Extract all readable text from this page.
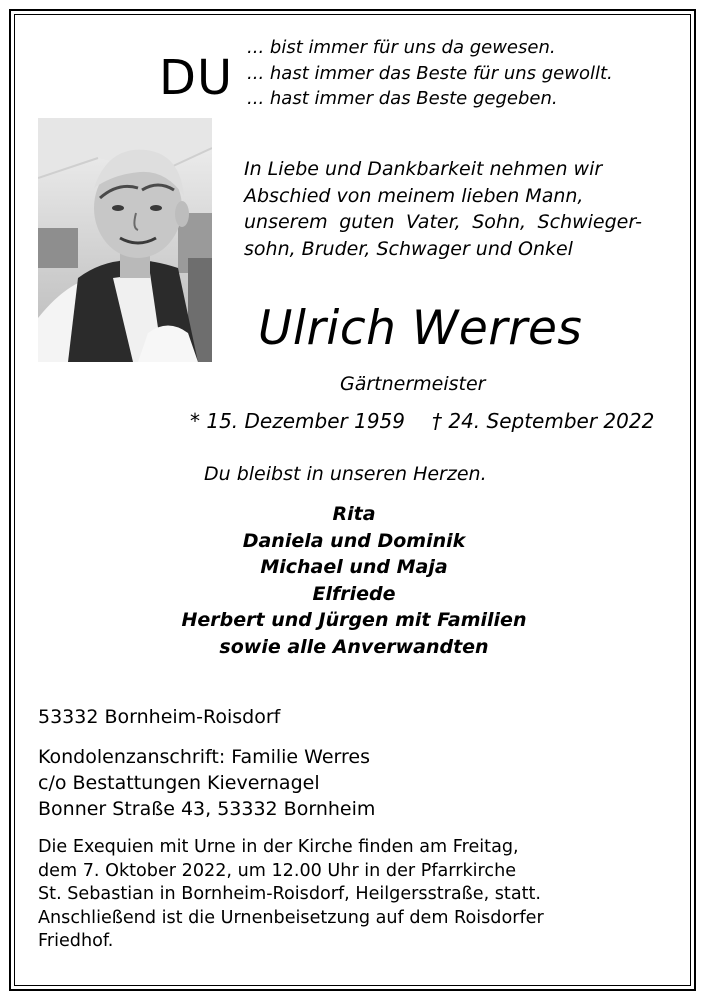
DU
... bist immer für uns da gewesen.
... hast immer das Beste für uns gewollt.
... hast immer das Beste gegeben.
In Liebe und Dankbarkeit nehmen wir
Abschied von meinem lieben Mann,
unserem guten Vater, Sohn, Schwieger-
sohn, Bruder, Schwager und Onkel
Ulrich Werres
Gärtnermeister
* 15. Dezember 1959 † 24. September 2022
Du bleibst in unseren Herzen.
Rita
Daniela und Dominik
Michael und Maja
Elfriede
Herbert und Jürgen mit Familien
sowie alle Anverwandten
53332 Bornheim-Roisdorf
Kondolenzanschrift: Familie Werres
c/o Bestattungen Kievernagel
Bonner Straße 43, 53332 Bornheim
Die Exequien mit Urne in der Kirche finden am Freitag,
dem 7. Oktober 2022, um 12.00 Uhr in der Pfarrkirche
St. Sebastian in Bornheim-Roisdorf, Heilgersstraße, statt.
Anschließend ist die Urnenbeisetzung auf dem Roisdorfer
Friedhof.
